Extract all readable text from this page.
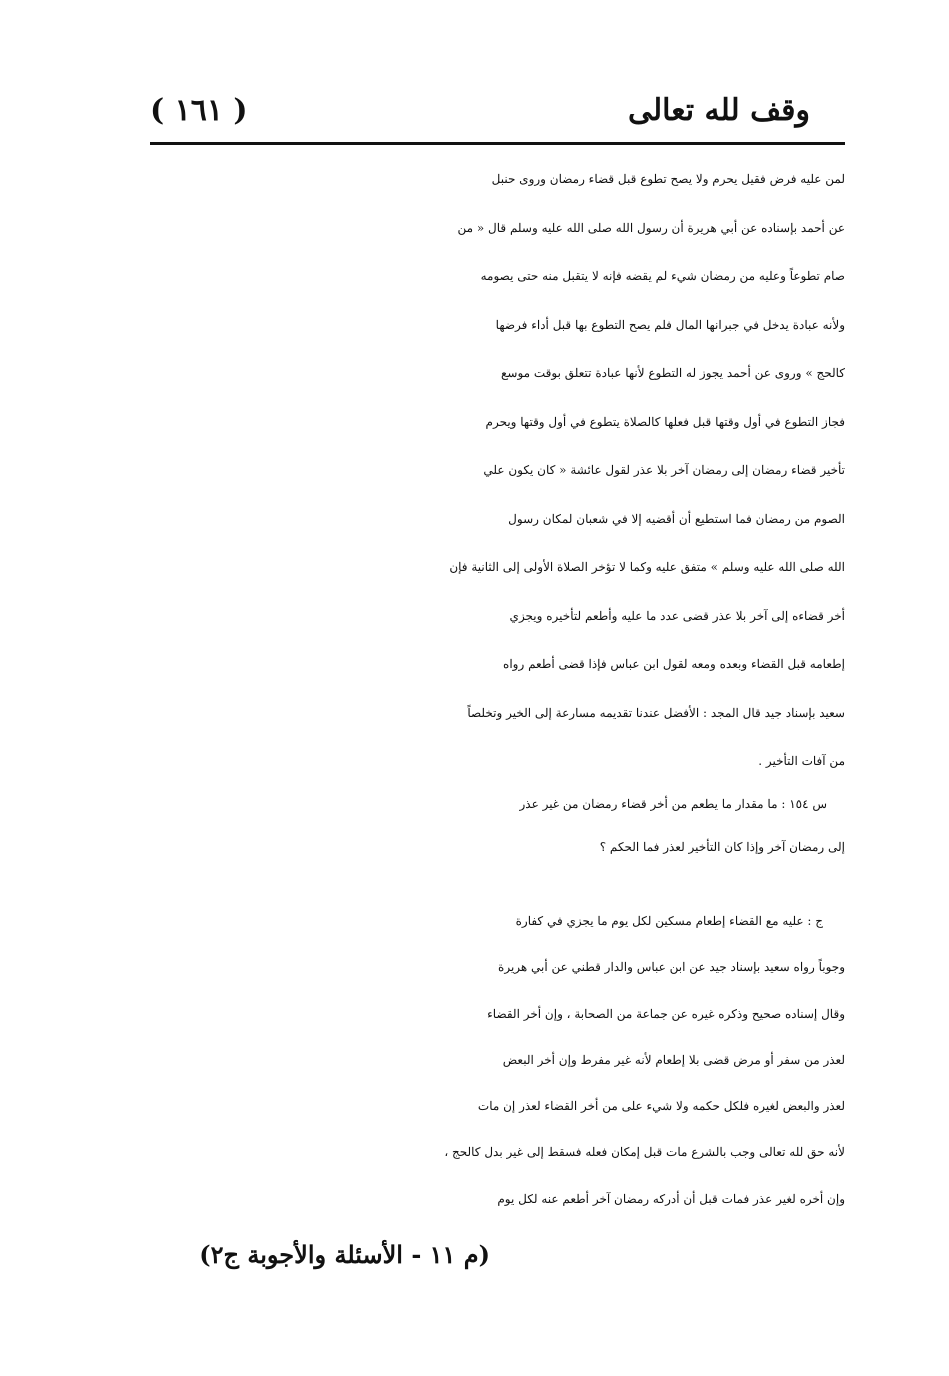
وقف لله تعالى
( ١٦١ )
لمن عليه فرض فقيل يحرم ولا يصح تطوع قبل قضاء رمضان وروى حنبل
عن أحمد بإسناده عن أبي هريرة أن رسول الله صلى الله عليه وسلم قال « من
صام تطوعاً وعليه من رمضان شيء لم يقضه فإنه لا يتقبل منه حتى يصومه
ولأنه عبادة يدخل في جبرانها المال فلم يصح التطوع بها قبل أداء فرضها
كالحج » وروى عن أحمد يجوز له التطوع لأنها عبادة تتعلق بوقت موسع
فجاز التطوع في أول وقتها قبل فعلها كالصلاة يتطوع في أول وقتها ويحرم
تأخير قضاء رمضان إلى رمضان آخر بلا عذر لقول عائشة « كان يكون علي
الصوم من رمضان فما استطيع أن أقضيه إلا في شعبان لمكان رسول
الله صلى الله عليه وسلم » متفق عليه وكما لا تؤخر الصلاة الأولى إلى الثانية فإن
أخر قضاءه إلى آخر بلا عذر قضى عدد ما عليه وأطعم لتأخيره ويجزي
إطعامه قبل القضاء وبعده ومعه لقول ابن عباس فإذا قضى أطعم رواه
سعيد بإسناد جيد قال المجد : الأفضل عندنا تقديمه مسارعة إلى الخير وتخلصاً
من آفات التأخير .
س ١٥٤ : ما مقدار ما يطعم من أخر قضاء رمضان من غير عذر
إلى رمضان آخر وإذا كان التأخير لعذر فما الحكم ؟
ج : عليه مع القضاء إطعام مسكين لكل يوم ما يجزي في كفارة
وجوباً رواه سعيد بإسناد جيد عن ابن عباس والدار قطني عن أبي هريرة
وقال إسناده صحيح وذكره غيره عن جماعة من الصحابة ، وإن أخر القضاء
لعذر من سفر أو مرض قضى بلا إطعام لأنه غير مفرط وإن أخر البعض
لعذر والبعض لغيره فلكل حكمه ولا شيء على من أخر القضاء لعذر إن مات
لأنه حق لله تعالى وجب بالشرع مات قبل إمكان فعله فسقط إلى غير بدل كالحج ،
وإن أخره لغير عذر فمات قبل أن أدركه رمضان آخر أطعم عنه لكل يوم
(م ١١ - الأسئلة والأجوبة ج٢)
